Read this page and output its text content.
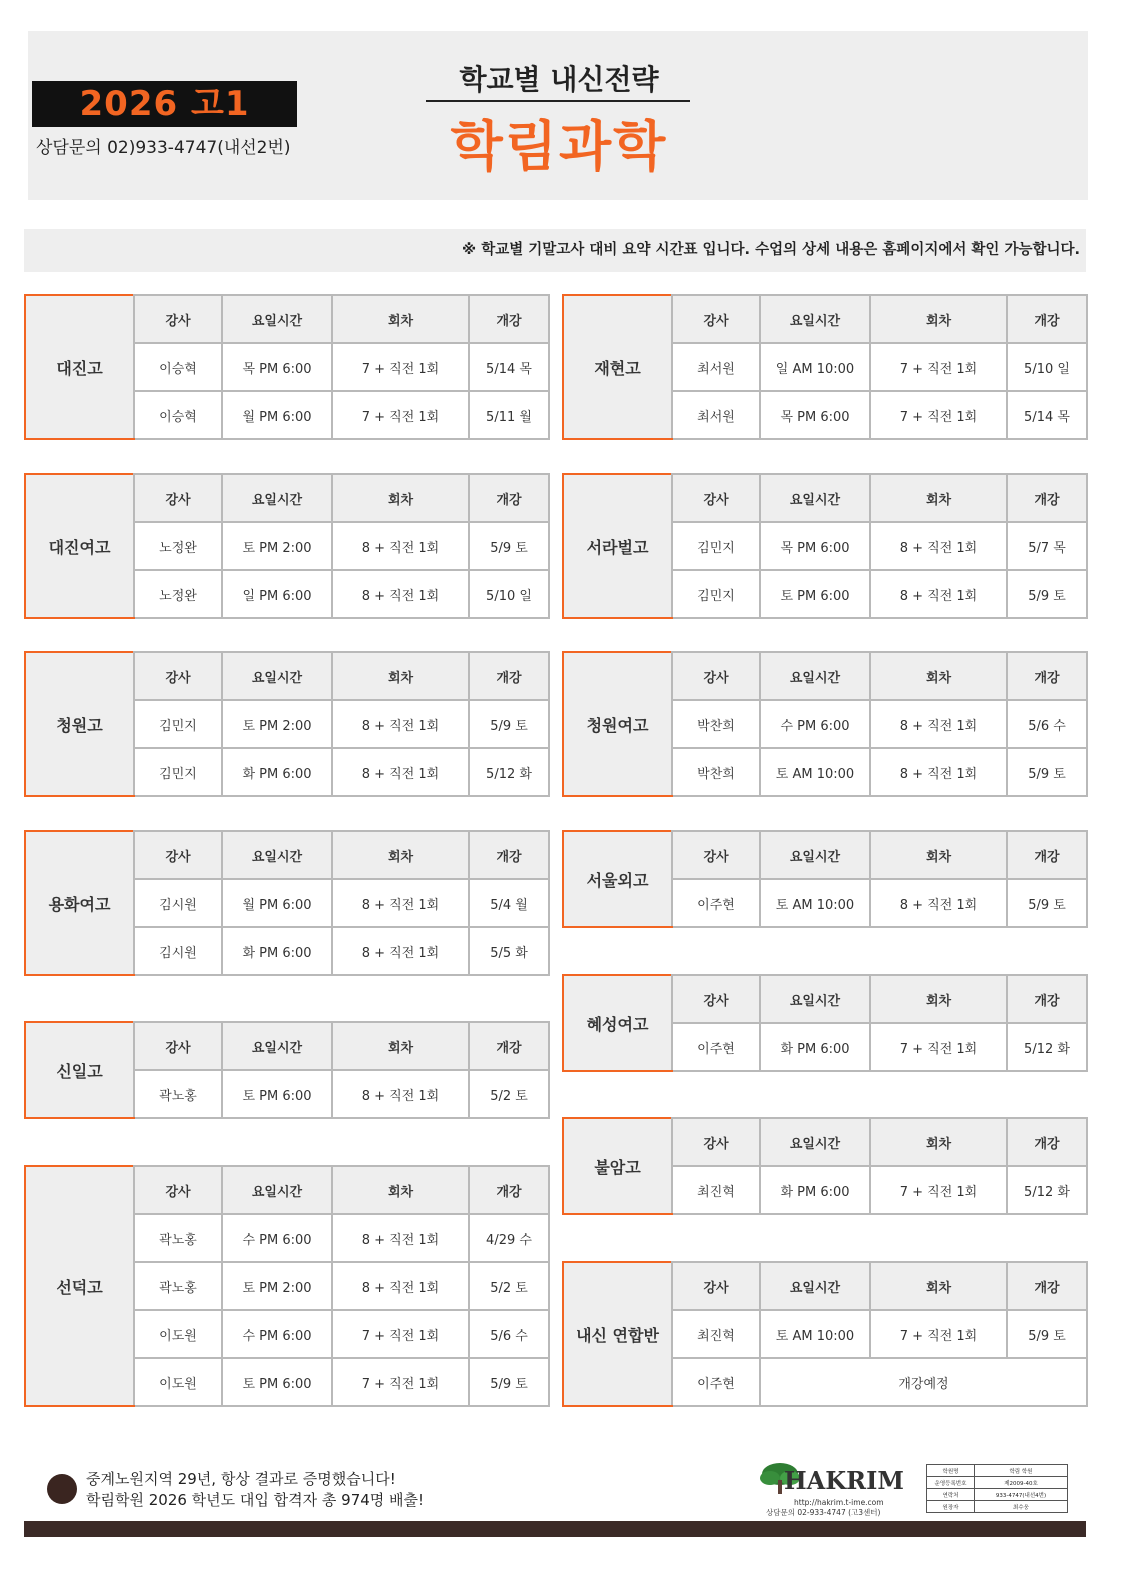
2026 고1
상담문의 02)933-4747(내선2번)
학교별 내신전략
학림과학
※ 학교별 기말고사 대비 요약 시간표 입니다. 수업의 상세 내용은 홈페이지에서 확인 가능합니다.
대진고	강사	요일시간	회차	개강
	이승혁	목 PM 6:00	7 + 직전 1회	5/14 목
	이승혁	월 PM 6:00	7 + 직전 1회	5/11 월
재현고	강사	요일시간	회차	개강
	최서원	일 AM 10:00	7 + 직전 1회	5/10 일
	최서원	목 PM 6:00	7 + 직전 1회	5/14 목
대진여고	강사	요일시간	회차	개강
	노정완	토 PM 2:00	8 + 직전 1회	5/9 토
	노정완	일 PM 6:00	8 + 직전 1회	5/10 일
서라벌고	강사	요일시간	회차	개강
	김민지	목 PM 6:00	8 + 직전 1회	5/7 목
	김민지	토 PM 6:00	8 + 직전 1회	5/9 토
청원고	강사	요일시간	회차	개강
	김민지	토 PM 2:00	8 + 직전 1회	5/9 토
	김민지	화 PM 6:00	8 + 직전 1회	5/12 화
청원여고	강사	요일시간	회차	개강
	박찬희	수 PM 6:00	8 + 직전 1회	5/6 수
	박찬희	토 AM 10:00	8 + 직전 1회	5/9 토
용화여고	강사	요일시간	회차	개강
	김시원	월 PM 6:00	8 + 직전 1회	5/4 월
	김시원	화 PM 6:00	8 + 직전 1회	5/5 화
서울외고	강사	요일시간	회차	개강
	이주현	토 AM 10:00	8 + 직전 1회	5/9 토
혜성여고	강사	요일시간	회차	개강
	이주현	화 PM 6:00	7 + 직전 1회	5/12 화
신일고	강사	요일시간	회차	개강
	곽노홍	토 PM 6:00	8 + 직전 1회	5/2 토
불암고	강사	요일시간	회차	개강
	최진혁	화 PM 6:00	7 + 직전 1회	5/12 화
선덕고	강사	요일시간	회차	개강
	곽노홍	수 PM 6:00	8 + 직전 1회	4/29 수
	곽노홍	토 PM 2:00	8 + 직전 1회	5/2 토
	이도원	수 PM 6:00	7 + 직전 1회	5/6 수
	이도원	토 PM 6:00	7 + 직전 1회	5/9 토
내신 연합반	강사	요일시간	회차	개강
	최진혁	토 AM 10:00	7 + 직전 1회	5/9 토
	이주현	개강예정		
중계노원지역 29년, 항상 결과로 증명했습니다!
학림학원 2026 학년도 대입 합격자 총 974명 배출!
HAKRIM
http://hakrim.t-ime.com
상담문의 02-933-4747 (고3센터)
학원명	학림 학원
운영등록번호	제2009-40호
연락처	933-4747(내선4번)
원장자	최수웅
